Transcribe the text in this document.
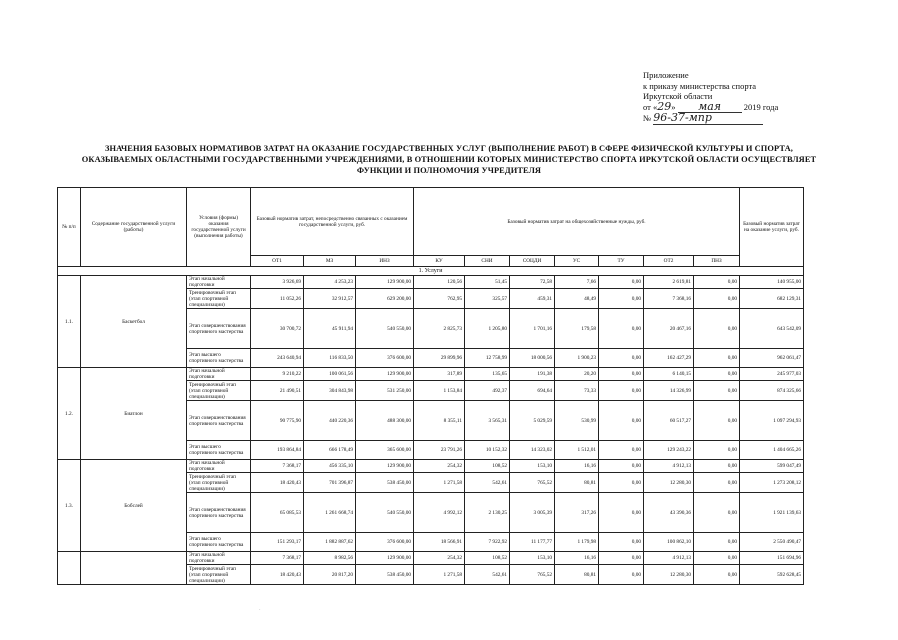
Приложение
к приказу министерства спорта
Иркутской области
от «29» мая	2019 года
№ 96-37-мпр
ЗНАЧЕНИЯ БАЗОВЫХ НОРМАТИВОВ ЗАТРАТ НА ОКАЗАНИЕ ГОСУДАРСТВЕННЫХ УСЛУГ (ВЫПОЛНЕНИЕ РАБОТ) В СФЕРЕ ФИЗИЧЕСКОЙ КУЛЬТУРЫ И СПОРТА,
ОКАЗЫВАЕМЫХ ОБЛАСТНЫМИ ГОСУДАРСТВЕННЫМИ УЧРЕЖДЕНИЯМИ, В ОТНОШЕНИИ КОТОРЫХ МИНИСТЕРСТВО СПОРТА ИРКУТСКОЙ ОБЛАСТИ ОСУЩЕСТВЛЯЕТ
ФУНКЦИИ И ПОЛНОМОЧИЯ УЧРЕДИТЕЛЯ
№ п/п	Содержание государственной услуги (работы)	Условия (формы) оказания государственной услуги (выполнения работы)	Базовый норматив затрат, непосредственно связанных с оказанием государственной услуги, руб.			Базовый норматив затрат на общехозяйственные нужды, руб.							Базовый норматив затрат на оказание услуги, руб.
			ОТ1	МЗ	ИНЗ	КУ	СНИ	СОЦДИ	УС	ТУ	ОТ2	ПНЗ	
1. Услуги													
1.1.	Баскетбол	Этап начальной подготовки	3 926,69	4 253,23	129 900,00	120,56	51,45	72,58	7,66	0,00	2 619,81	0,00	140 955,00
		Тренировочный этап (этап спортивной специализации)	11 052,26	32 912,57	629 200,00	762,95	325,57	459,31	48,49	0,00	7 368,16	0,00	682 129,31
		Этап совершенствования спортивного мастерства	30 700,72	45 911,94	540 550,00	2 825,73	1 205,80	1 701,16	179,58	0,00	20 467,16	0,00	643 542,09
		Этап высшего спортивного мастерства	243 640,94	116 833,50	376 600,00	29 899,96	12 758,99	18 000,56	1 900,23	0,00	162 427,29	0,00	962 061,47
1.2.	Биатлон	Этап начальной подготовки	9 210,22	100 061,56	129 900,00	317,89	135,65	191,38	20,20	0,00	6 140,15	0,00	245 977,03
		Тренировочный этап (этап спортивной специализации)	21 490,51	304 843,98	531 250,00	1 153,84	492,37	694,64	73,33	0,00	14 326,99	0,00	874 325,66
		Этап совершенствования спортивного мастерства	90 775,90	440 220,36	488 300,00	8 355,11	3 565,31	5 029,59	530,99	0,00	60 517,27	0,00	1 097 294,93
		Этап высшего спортивного мастерства	193 864,84	666 178,49	365 600,00	23 791,26	10 152,32	14 323,02	1 512,01	0,00	129 243,22	0,00	1 404 665,26
1.3.	Бобслей	Этап начальной подготовки	7 368,17	456 335,10	129 900,00	254,32	108,52	153,10	16,16	0,00	4 912,13	0,00	599 047,49
		Тренировочный этап (этап спортивной специализации)	18 420,43	701 396,87	538 450,00	1 271,58	542,61	765,52	80,81	0,00	12 280,30	0,00	1 273 208,12
		Этап совершенствования спортивного мастерства	65 085,53	1 261 668,74	540 550,00	4 992,12	2 130,25	3 005,39	317,26	0,00	43 390,36	0,00	1 921 139,63
		Этап высшего спортивного мастерства	151 293,17	1 882 887,62	376 600,00	18 566,91	7 922,92	11 177,77	1 179,98	0,00	100 862,10	0,00	2 550 490,47
		Этап начальной подготовки	7 368,17	8 982,56	129 900,00	254,32	108,52	153,10	16,16	0,00	4 912,13	0,00	151 694,96
		Тренировочный этап (этап спортивной специализации)	18 420,43	20 817,20	538 450,00	1 271,58	542,61	765,52	80,81	0,00	12 280,30	0,00	592 628,45
·
